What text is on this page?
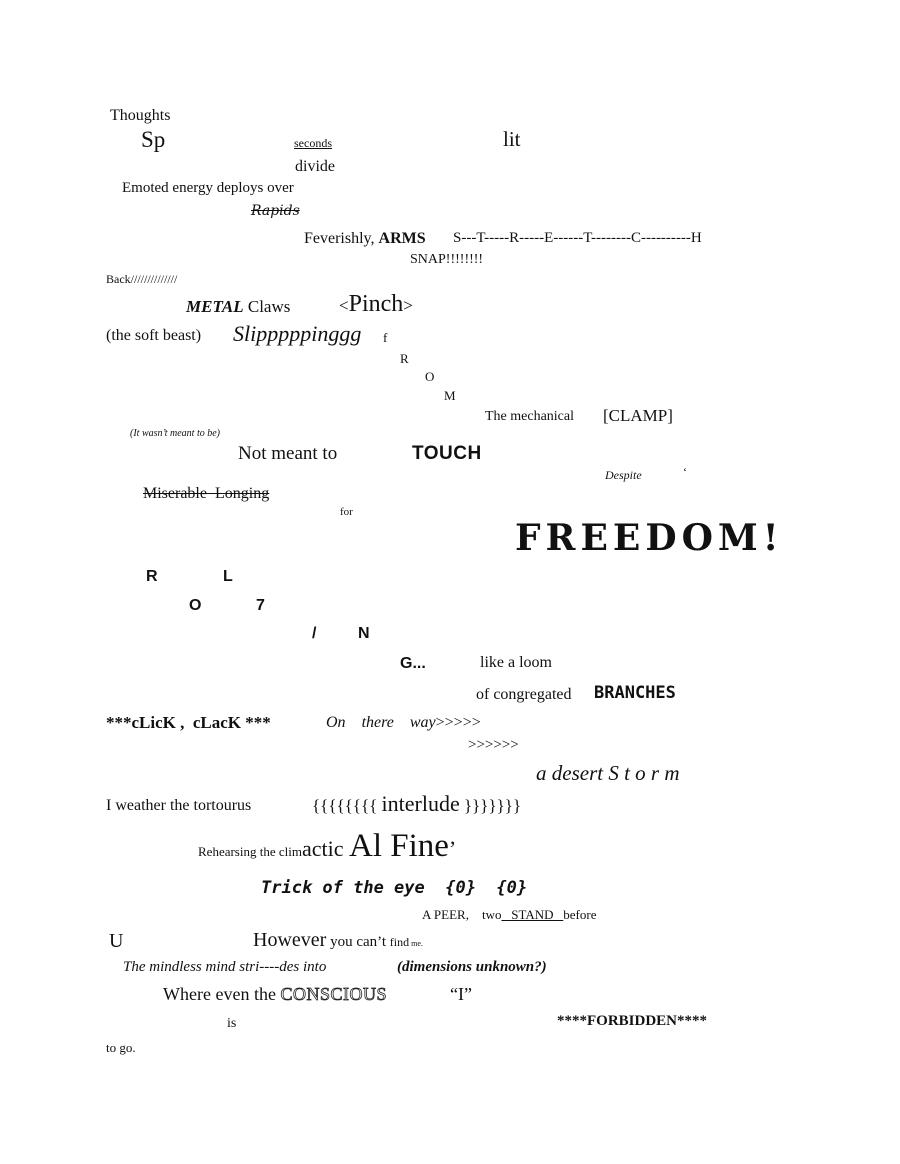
Thoughts
Sp	seconds	lit
divide
Emoted energy deploys over
Rapids
Feverishly, ARMS S---T-----R-----E------T--------C----------H
SNAP!!!!!!!!
Back//////////////
METAL Claws	<Pinch>
(the soft beast) Slipppppinggg f
R
O
M
The mechanical [CLAMP]
(It wasn’t meant to be)
Not meant to	TOUCH
Despite	‘
Miserable  Longing
for
FREEDOM!
R	L
O	7
/	N
G...	like a loom
of congregated BRANCHES
***cLicK ,  cLacK ***	On there way>>>>>
>>>>>>
a desert S t o r m
I weather the tortourus	{{{{{{{{ interlude }}}}}}}
Rehearsing the climactic Al Fine’
Trick of the eye  {0}  {0}
A PEER, two   STAND   before
U	However you can’t find me.
The mindless mind stri----des into	(dimensions unknown?)
Where even the CONSCIOUS	“I”
is	****FORBIDDEN****
to go.
